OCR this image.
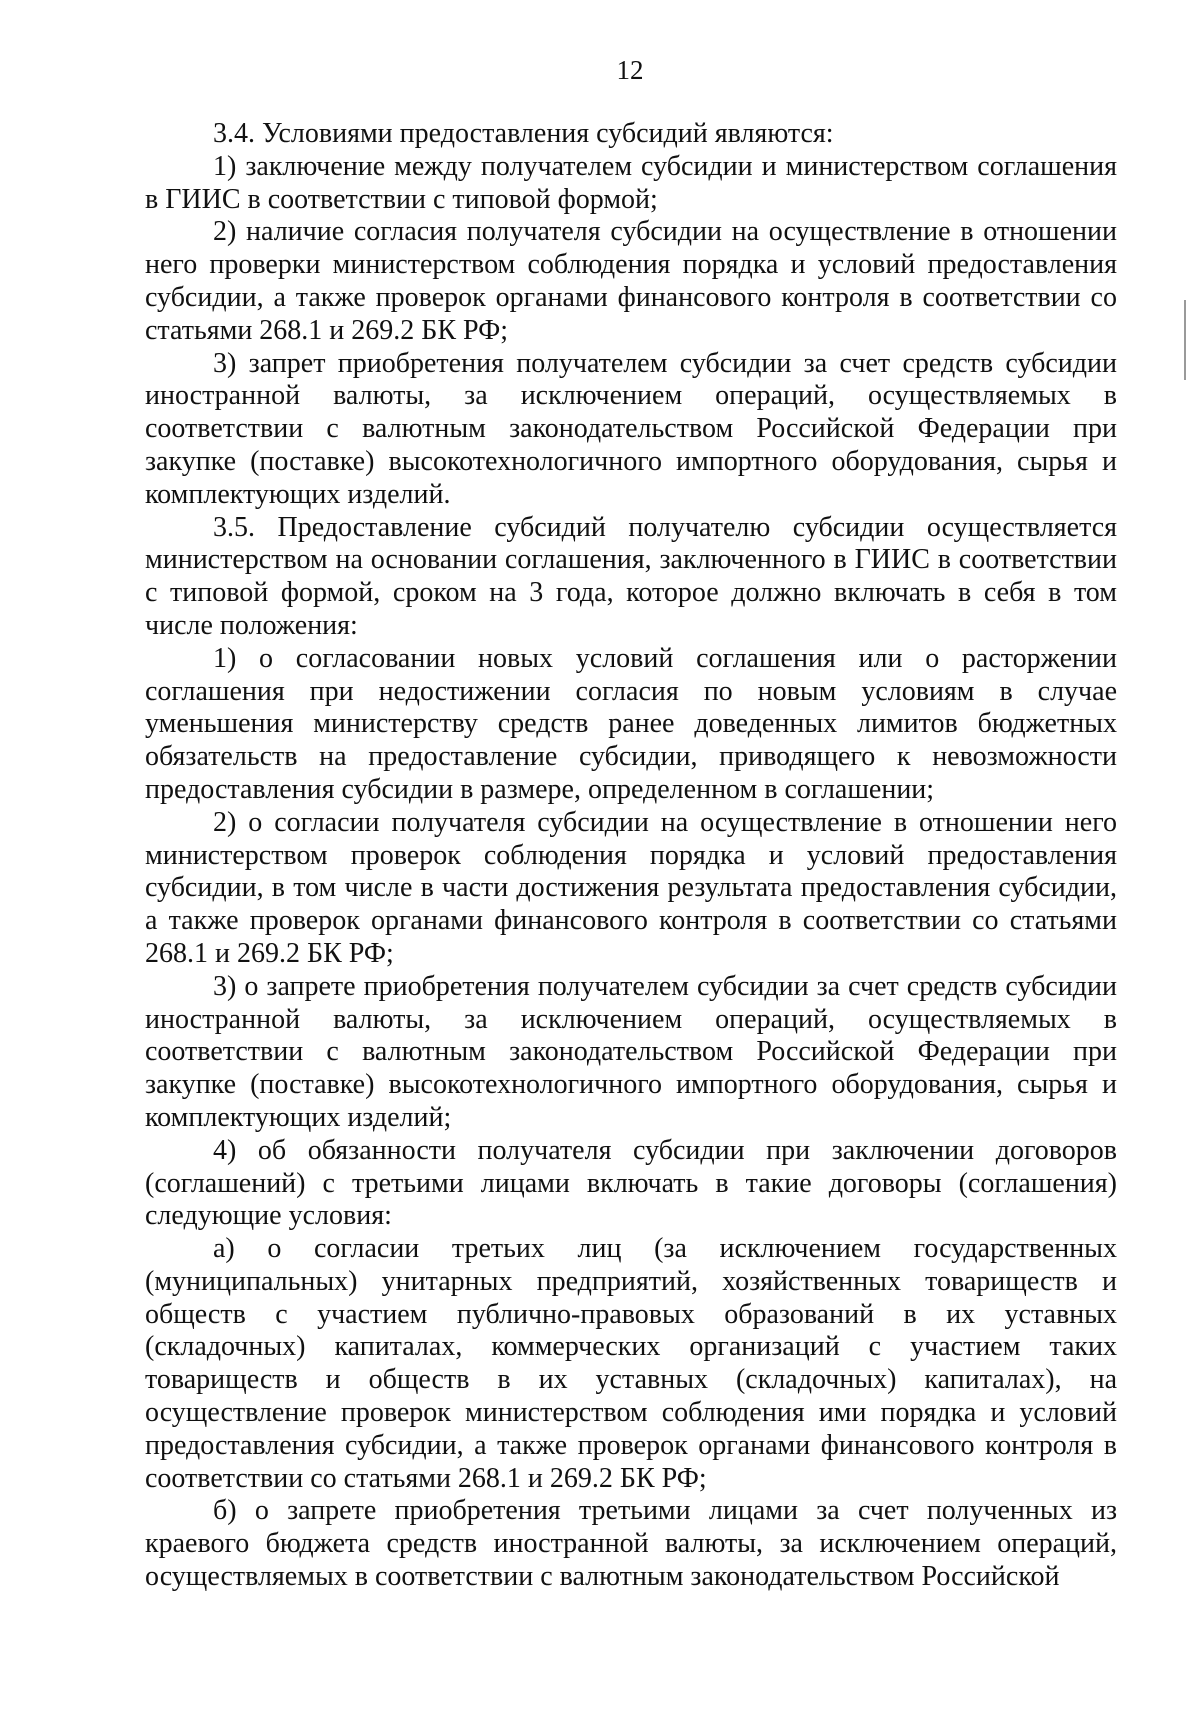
12

3.4. Условиями предоставления субсидий являются:

1) заключение между получателем субсидии и министерством соглашения в ГИИС в соответствии с типовой формой;

2) наличие согласия получателя субсидии на осуществление в отношении него проверки министерством соблюдения порядка и условий предоставления субсидии, а также проверок органами финансового контроля в соответствии со статьями 268.1 и 269.2 БК РФ;

3) запрет приобретения получателем субсидии за счет средств субсидии иностранной валюты, за исключением операций, осуществляемых в соответствии с валютным законодательством Российской Федерации при закупке (поставке) высокотехнологичного импортного оборудования, сырья и комплектующих изделий.

3.5. Предоставление субсидий получателю субсидии осуществляется министерством на основании соглашения, заключенного в ГИИС в соответствии с типовой формой, сроком на 3 года, которое должно включать в себя в том числе положения:

1) о согласовании новых условий соглашения или о расторжении соглашения при недостижении согласия по новым условиям в случае уменьшения министерству средств ранее доведенных лимитов бюджетных обязательств на предоставление субсидии, приводящего к невозможности предоставления субсидии в размере, определенном в соглашении;

2) о согласии получателя субсидии на осуществление в отношении него министерством проверок соблюдения порядка и условий предоставления субсидии, в том числе в части достижения результата предоставления субсидии, а также проверок органами финансового контроля в соответствии со статьями 268.1 и 269.2 БК РФ;

3) о запрете приобретения получателем субсидии за счет средств субсидии иностранной валюты, за исключением операций, осуществляемых в соответствии с валютным законодательством Российской Федерации при закупке (поставке) высокотехнологичного импортного оборудования, сырья и комплектующих изделий;

4) об обязанности получателя субсидии при заключении договоров (соглашений) с третьими лицами включать в такие договоры (соглашения) следующие условия:

а) о согласии третьих лиц (за исключением государственных (муниципальных) унитарных предприятий, хозяйственных товариществ и обществ с участием публично-правовых образований в их уставных (складочных) капиталах, коммерческих организаций с участием таких товариществ и обществ в их уставных (складочных) капиталах), на осуществление проверок министерством соблюдения ими порядка и условий предоставления субсидии, а также проверок органами финансового контроля в соответствии со статьями 268.1 и 269.2 БК РФ;

б) о запрете приобретения третьими лицами за счет полученных из краевого бюджета средств иностранной валюты, за исключением операций, осуществляемых в соответствии с валютным законодательством Российской
